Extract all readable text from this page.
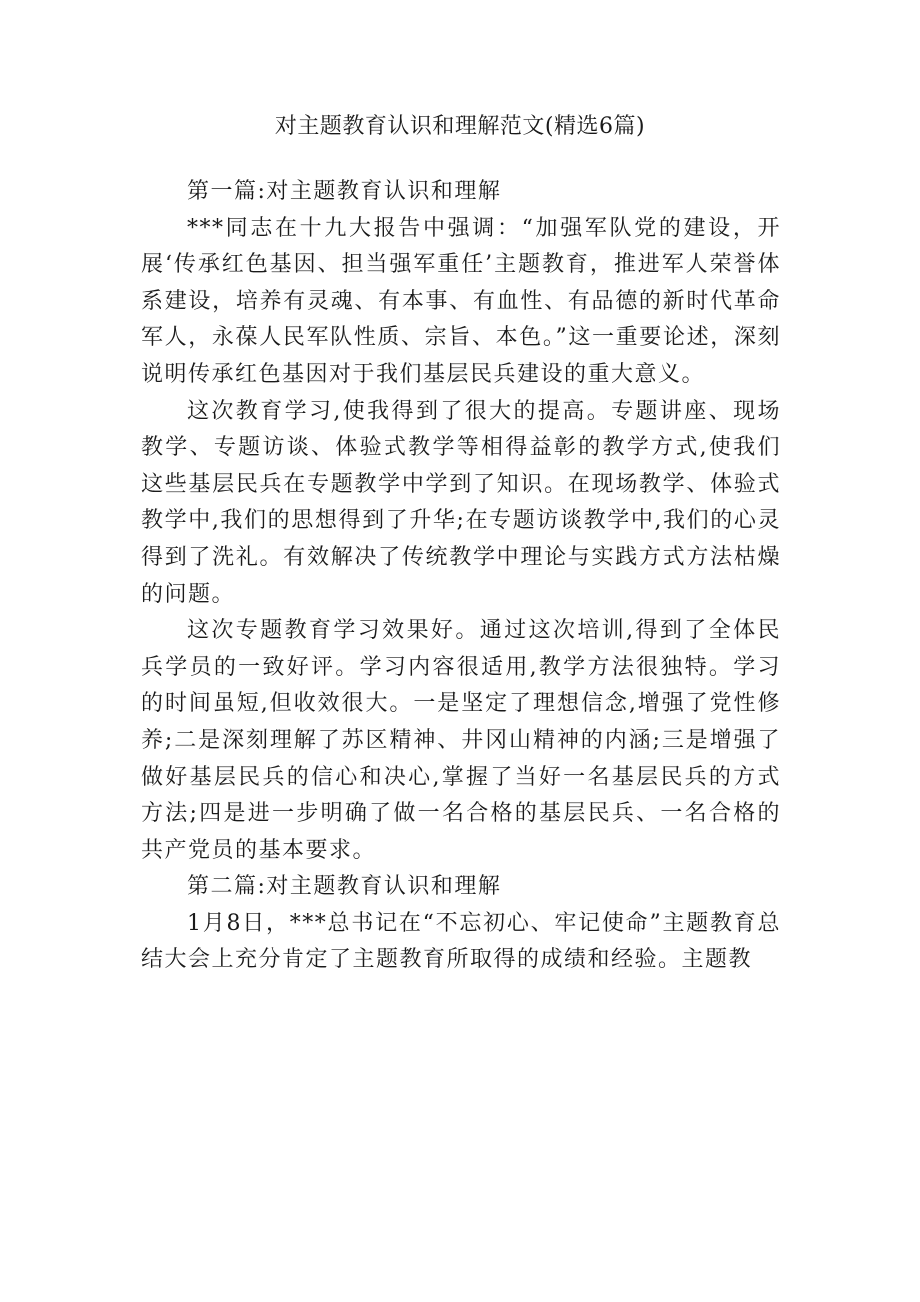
对主题教育认识和理解范文(精选6篇)

第一篇:对主题教育认识和理解

***同志在十九大报告中强调：“加强军队党的建设，开展‘传承红色基因、担当强军重任’主题教育，推进军人荣誉体系建设，培养有灵魂、有本事、有血性、有品德的新时代革命军人，永葆人民军队性质、宗旨、本色。”这一重要论述，深刻说明传承红色基因对于我们基层民兵建设的重大意义。

这次教育学习,使我得到了很大的提高。专题讲座、现场教学、专题访谈、体验式教学等相得益彰的教学方式,使我们这些基层民兵在专题教学中学到了知识。在现场教学、体验式教学中,我们的思想得到了升华;在专题访谈教学中,我们的心灵得到了洗礼。有效解决了传统教学中理论与实践方式方法枯燥的问题。

这次专题教育学习效果好。通过这次培训,得到了全体民兵学员的一致好评。学习内容很适用,教学方法很独特。学习的时间虽短,但收效很大。一是坚定了理想信念,增强了党性修养;二是深刻理解了苏区精神、井冈山精神的内涵;三是增强了做好基层民兵的信心和决心,掌握了当好一名基层民兵的方式方法;四是进一步明确了做一名合格的基层民兵、一名合格的共产党员的基本要求。

第二篇:对主题教育认识和理解

1月8日，***总书记在“不忘初心、牢记使命”主题教育总结大会上充分肯定了主题教育所取得的成绩和经验。主题教
